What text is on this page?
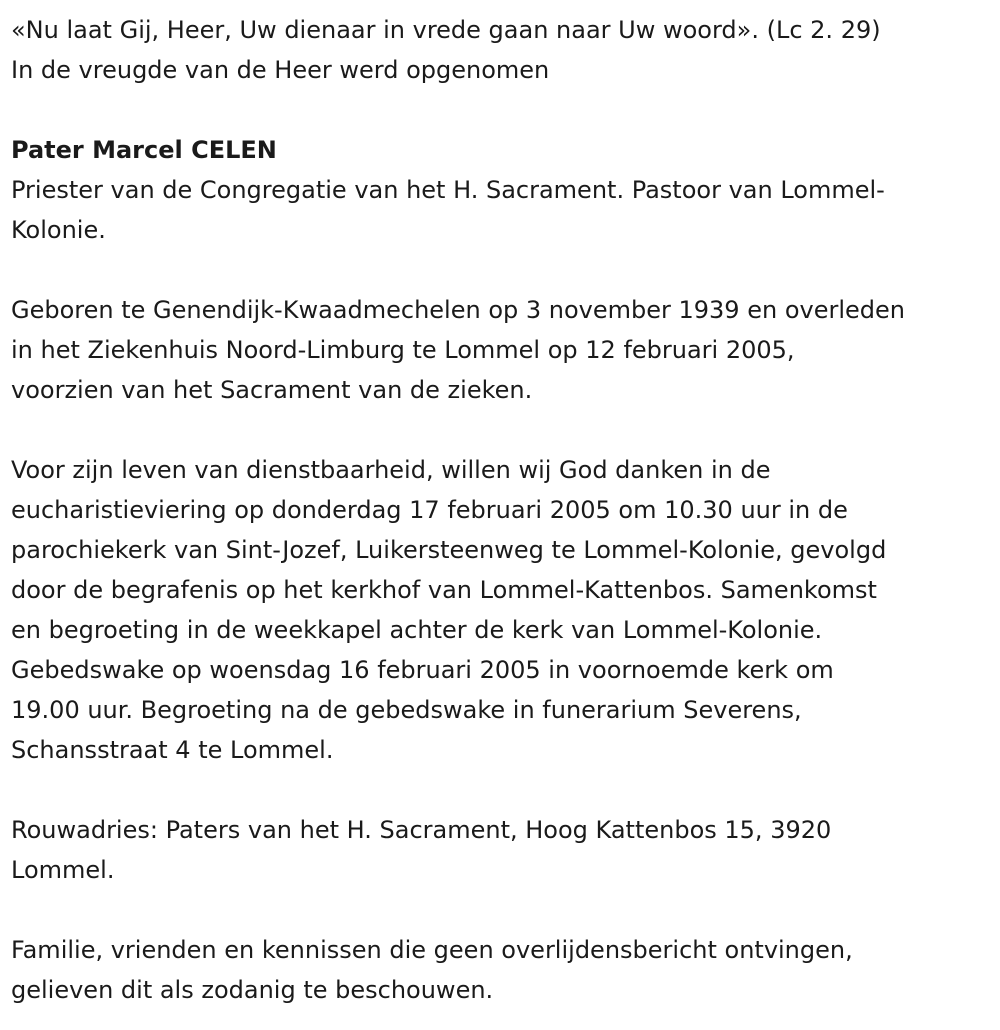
«Nu laat Gij, Heer, Uw dienaar in vrede gaan naar Uw woord». (Lc 2. 29)
In de vreugde van de Heer werd opgenomen
Pater Marcel CELEN
Priester van de Congregatie van het H. Sacrament. Pastoor van Lommel-
Kolonie.
Geboren te Genendijk-Kwaadmechelen op 3 november 1939 en overleden
in het Ziekenhuis Noord-Limburg te Lommel op 12 februari 2005,
voorzien van het Sacrament van de zieken.
Voor zijn leven van dienstbaarheid, willen wij God danken in de
eucharistieviering op donderdag 17 februari 2005 om 10.30 uur in de
parochiekerk van Sint-Jozef, Luikersteenweg te Lommel-Kolonie, gevolgd
door de begrafenis op het kerkhof van Lommel-Kattenbos. Samenkomst
en begroeting in de weekkapel achter de kerk van Lommel-Kolonie.
Gebedswake op woensdag 16 februari 2005 in voornoemde kerk om
19.00 uur. Begroeting na de gebedswake in funerarium Severens,
Schansstraat 4 te Lommel.
Rouwadries: Paters van het H. Sacrament, Hoog Kattenbos 15, 3920
Lommel.
Familie, vrienden en kennissen die geen overlijdensbericht ontvingen,
gelieven dit als zodanig te beschouwen.
